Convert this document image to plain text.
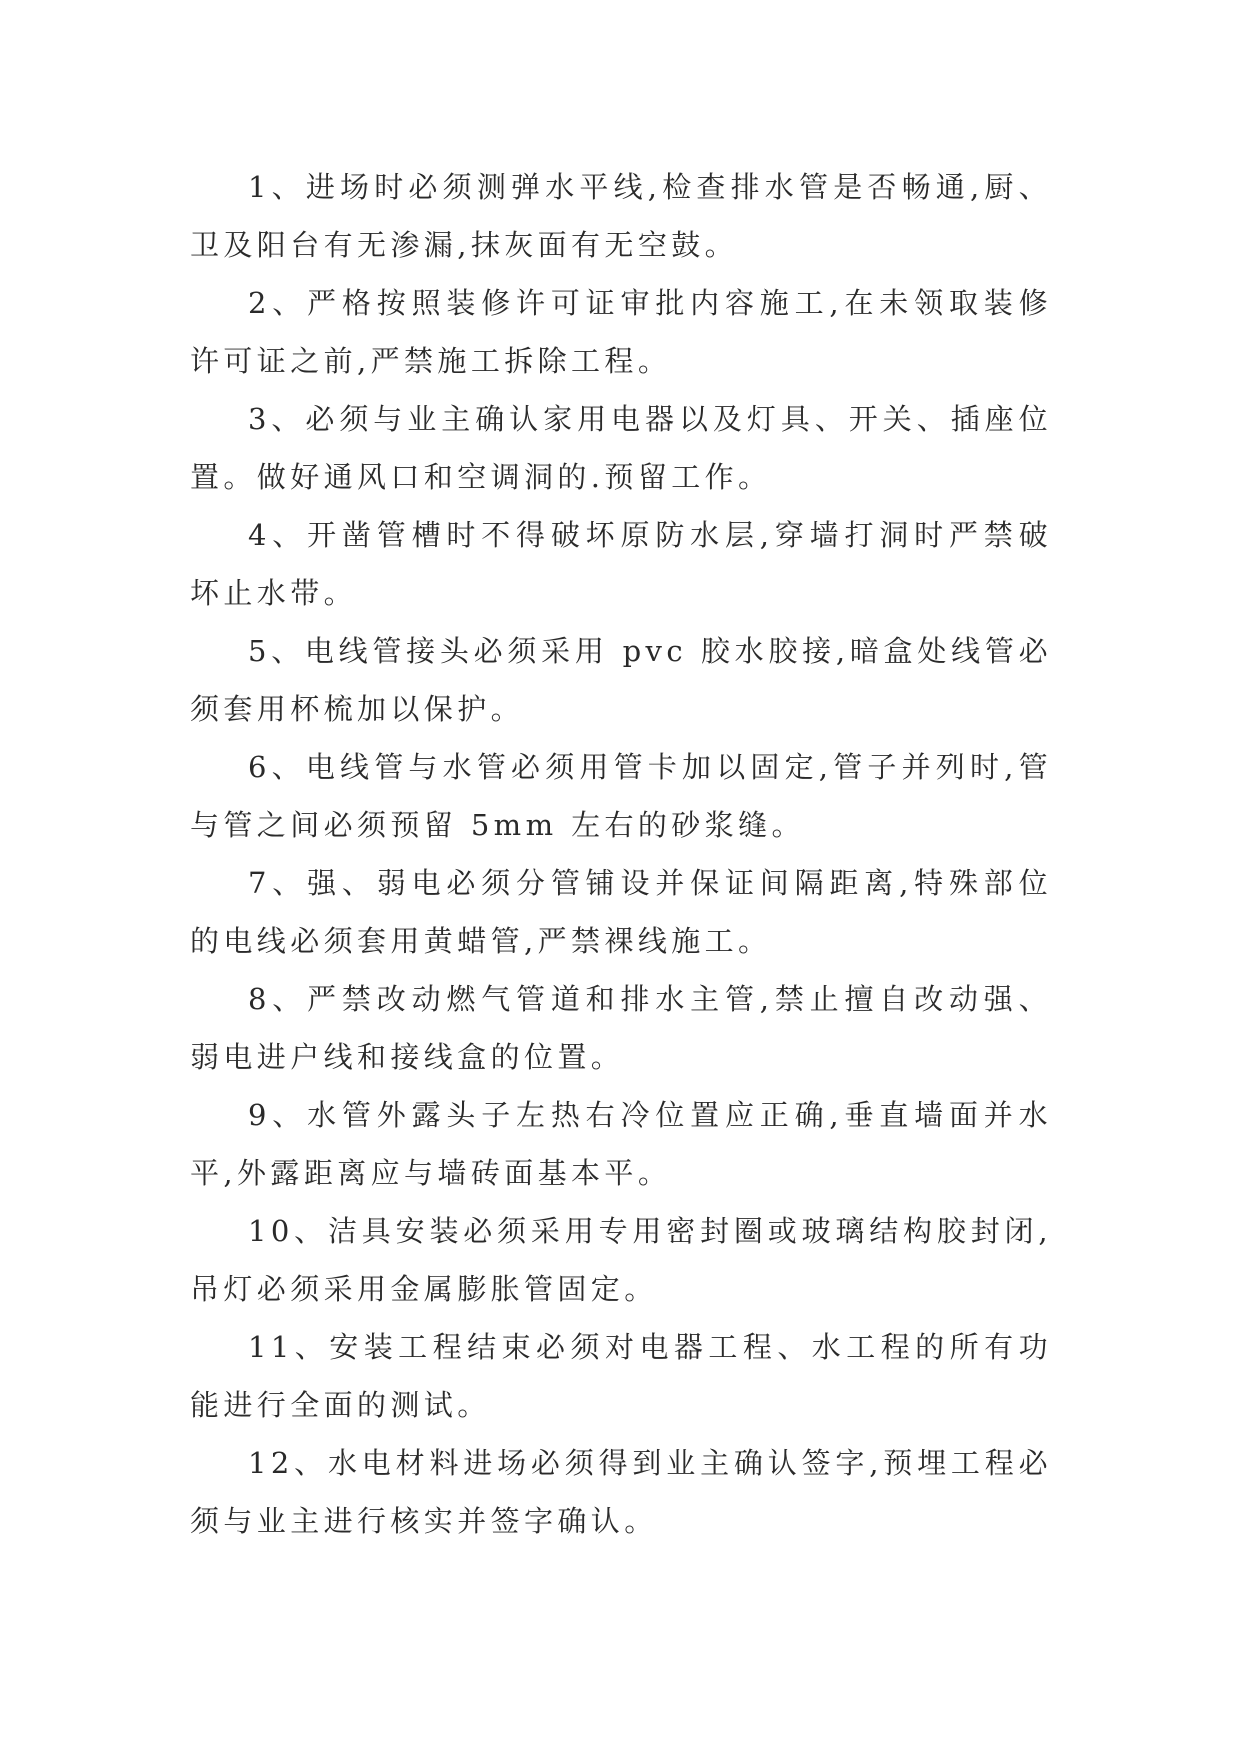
1、进场时必须测弹水平线,检查排水管是否畅通,厨、卫及阳台有无渗漏,抹灰面有无空鼓。

2、严格按照装修许可证审批内容施工,在未领取装修许可证之前,严禁施工拆除工程。

3、必须与业主确认家用电器以及灯具、开关、插座位置。做好通风口和空调洞的.预留工作。

4、开凿管槽时不得破坏原防水层,穿墙打洞时严禁破坏止水带。

5、电线管接头必须采用 pvc 胶水胶接,暗盒处线管必须套用杯梳加以保护。

6、电线管与水管必须用管卡加以固定,管子并列时,管与管之间必须预留 5mm 左右的砂浆缝。

7、强、弱电必须分管铺设并保证间隔距离,特殊部位的电线必须套用黄蜡管,严禁裸线施工。

8、严禁改动燃气管道和排水主管,禁止擅自改动强、弱电进户线和接线盒的位置。

9、水管外露头子左热右冷位置应正确,垂直墙面并水平,外露距离应与墙砖面基本平。

10、洁具安装必须采用专用密封圈或玻璃结构胶封闭,吊灯必须采用金属膨胀管固定。

11、安装工程结束必须对电器工程、水工程的所有功能进行全面的测试。

12、水电材料进场必须得到业主确认签字,预埋工程必须与业主进行核实并签字确认。
